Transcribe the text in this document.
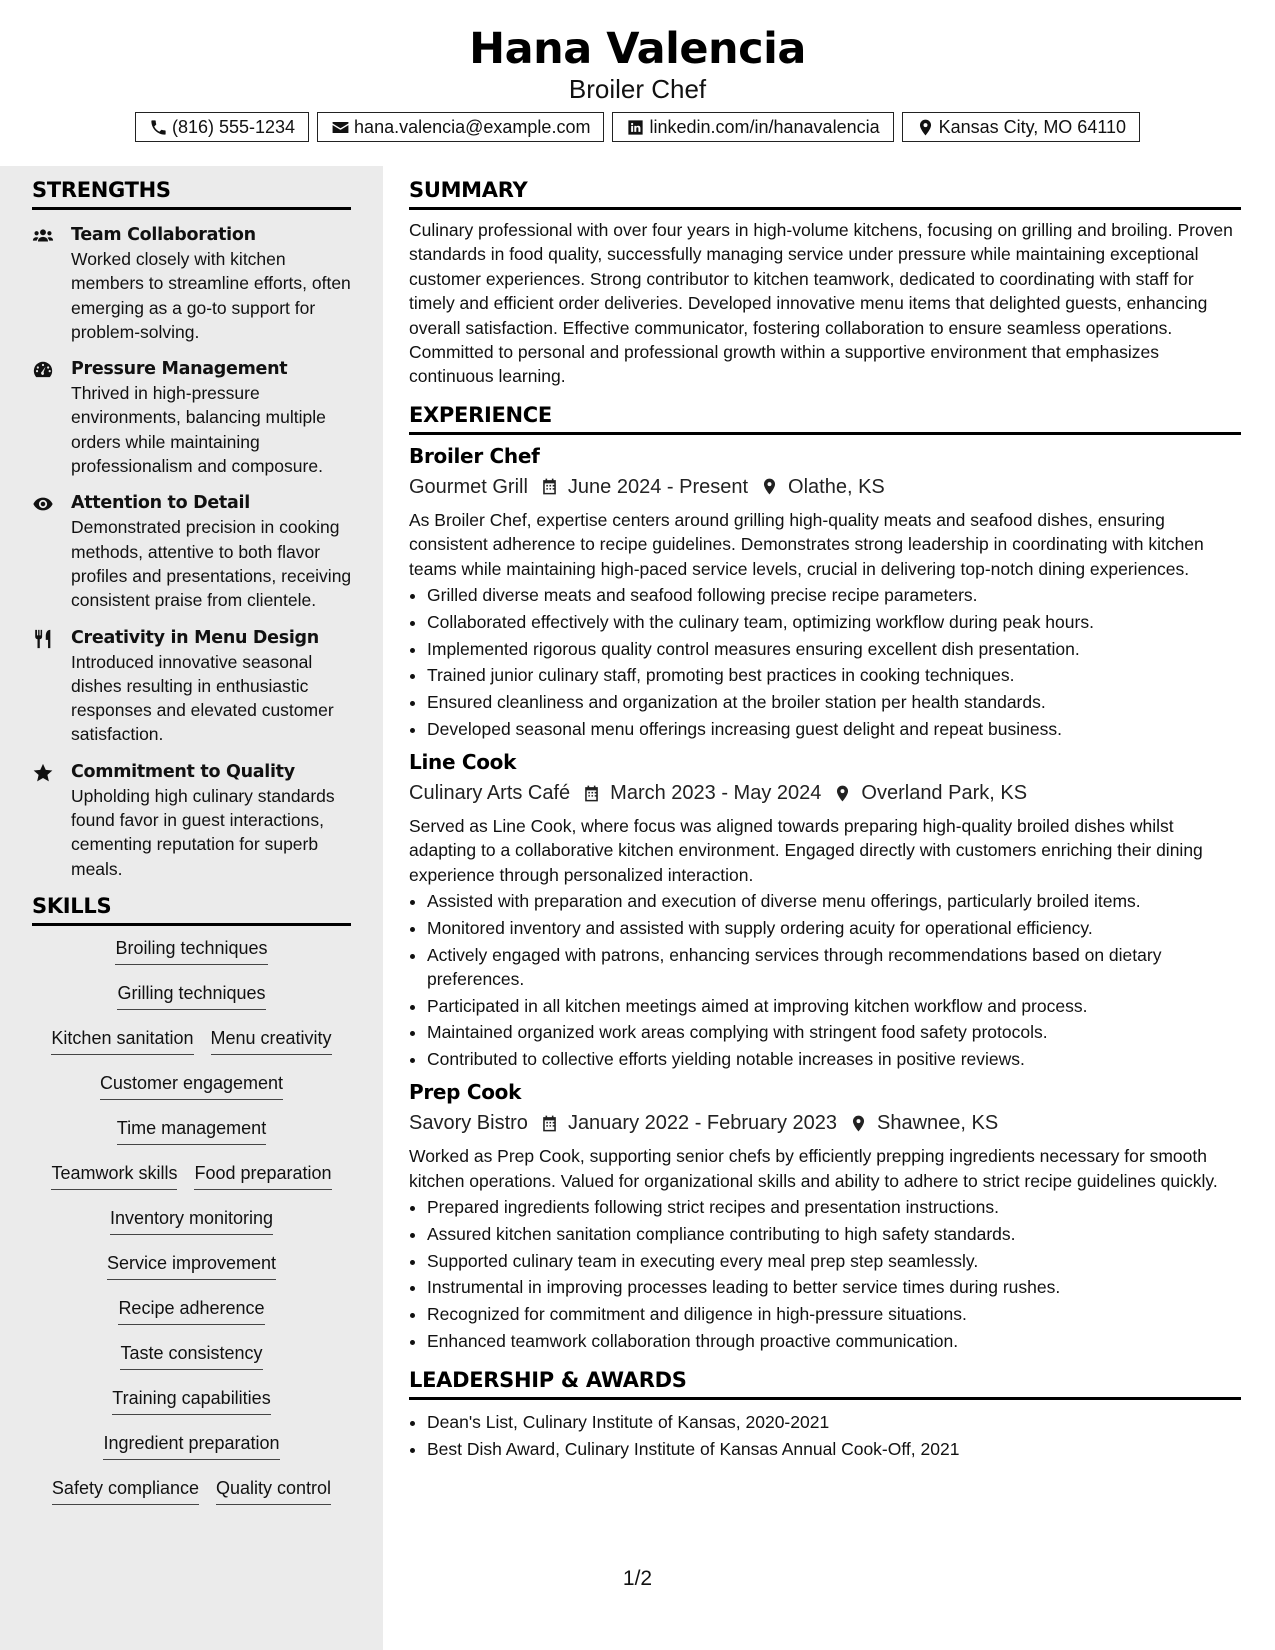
Hana Valencia
Broiler Chef
(816) 555-1234	hana.valencia@example.com	linkedin.com/in/hanavalencia	Kansas City, MO 64110
STRENGTHS
Team Collaboration
Worked closely with kitchen members to streamline efforts, often emerging as a go-to support for problem-solving.
Pressure Management
Thrived in high-pressure environments, balancing multiple orders while maintaining professionalism and composure.
Attention to Detail
Demonstrated precision in cooking methods, attentive to both flavor profiles and presentations, receiving consistent praise from clientele.
Creativity in Menu Design
Introduced innovative seasonal dishes resulting in enthusiastic responses and elevated customer satisfaction.
Commitment to Quality
Upholding high culinary standards found favor in guest interactions, cementing reputation for superb meals.
SKILLS
Broiling techniques
Grilling techniques
Kitchen sanitation Menu creativity
Customer engagement
Time management
Teamwork skills Food preparation
Inventory monitoring
Service improvement
Recipe adherence
Taste consistency
Training capabilities
Ingredient preparation
Safety compliance Quality control
SUMMARY
Culinary professional with over four years in high-volume kitchens, focusing on grilling and broiling. Proven standards in food quality, successfully managing service under pressure while maintaining exceptional customer experiences. Strong contributor to kitchen teamwork, dedicated to coordinating with staff for timely and efficient order deliveries. Developed innovative menu items that delighted guests, enhancing overall satisfaction. Effective communicator, fostering collaboration to ensure seamless operations. Committed to personal and professional growth within a supportive environment that emphasizes continuous learning.
EXPERIENCE
Broiler Chef
Gourmet Grill June 2024 - Present Olathe, KS
As Broiler Chef, expertise centers around grilling high-quality meats and seafood dishes, ensuring consistent adherence to recipe guidelines. Demonstrates strong leadership in coordinating with kitchen teams while maintaining high-paced service levels, crucial in delivering top-notch dining experiences.
• Grilled diverse meats and seafood following precise recipe parameters.
• Collaborated effectively with the culinary team, optimizing workflow during peak hours.
• Implemented rigorous quality control measures ensuring excellent dish presentation.
• Trained junior culinary staff, promoting best practices in cooking techniques.
• Ensured cleanliness and organization at the broiler station per health standards.
• Developed seasonal menu offerings increasing guest delight and repeat business.
Line Cook
Culinary Arts Café March 2023 - May 2024 Overland Park, KS
Served as Line Cook, where focus was aligned towards preparing high-quality broiled dishes whilst adapting to a collaborative kitchen environment. Engaged directly with customers enriching their dining experience through personalized interaction.
• Assisted with preparation and execution of diverse menu offerings, particularly broiled items.
• Monitored inventory and assisted with supply ordering acuity for operational efficiency.
• Actively engaged with patrons, enhancing services through recommendations based on dietary preferences.
• Participated in all kitchen meetings aimed at improving kitchen workflow and process.
• Maintained organized work areas complying with stringent food safety protocols.
• Contributed to collective efforts yielding notable increases in positive reviews.
Prep Cook
Savory Bistro January 2022 - February 2023 Shawnee, KS
Worked as Prep Cook, supporting senior chefs by efficiently prepping ingredients necessary for smooth kitchen operations. Valued for organizational skills and ability to adhere to strict recipe guidelines quickly.
• Prepared ingredients following strict recipes and presentation instructions.
• Assured kitchen sanitation compliance contributing to high safety standards.
• Supported culinary team in executing every meal prep step seamlessly.
• Instrumental in improving processes leading to better service times during rushes.
• Recognized for commitment and diligence in high-pressure situations.
• Enhanced teamwork collaboration through proactive communication.
LEADERSHIP & AWARDS
• Dean's List, Culinary Institute of Kansas, 2020-2021
• Best Dish Award, Culinary Institute of Kansas Annual Cook-Off, 2021
1/2
